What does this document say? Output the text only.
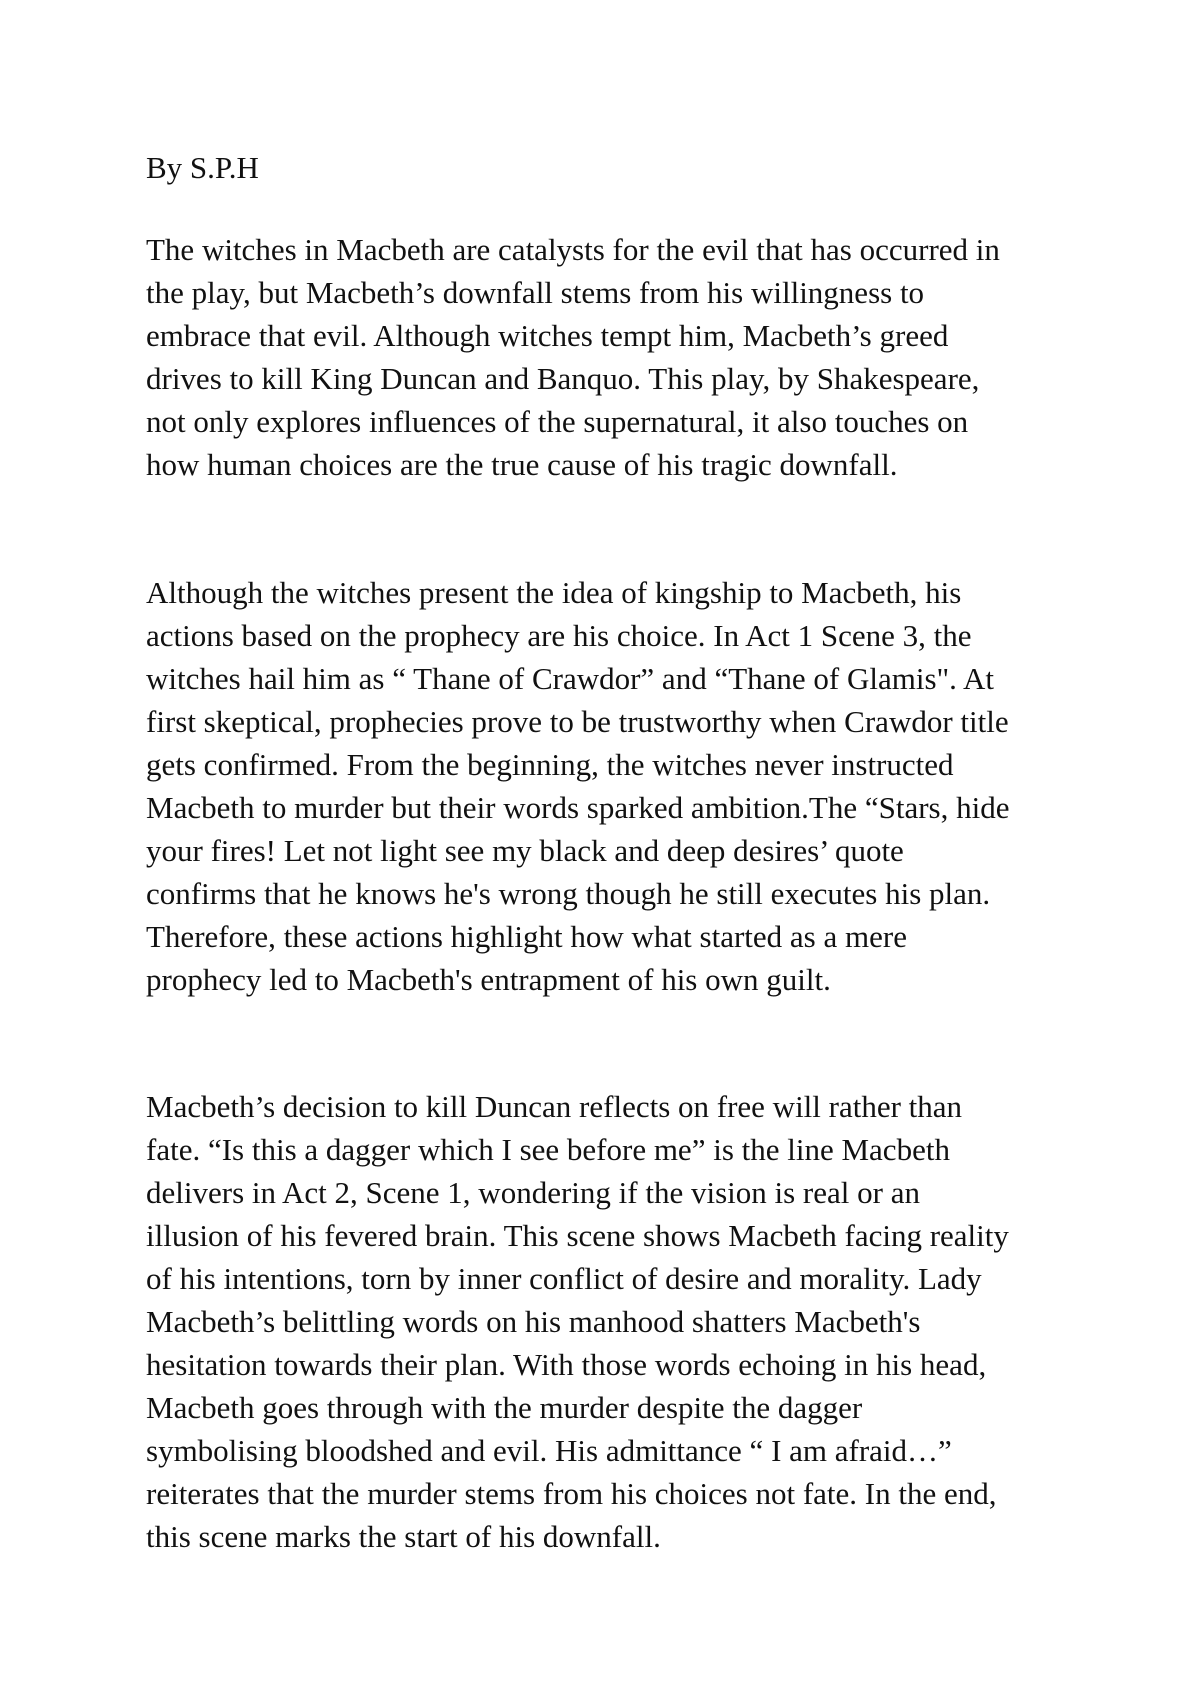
By S.P.H
The witches in Macbeth are catalysts for the evil that has occurred in
the play, but Macbeth’s downfall stems from his willingness to
embrace that evil. Although witches tempt him, Macbeth’s greed
drives to kill King Duncan and Banquo. This play, by Shakespeare,
not only explores influences of the supernatural, it also touches on
how human choices are the true cause of his tragic downfall.
Although the witches present the idea of kingship to Macbeth, his
actions based on the prophecy are his choice. In Act 1 Scene 3, the
witches hail him as “ Thane of Crawdor” and “Thane of Glamis". At
first skeptical, prophecies prove to be trustworthy when Crawdor title
gets confirmed. From the beginning, the witches never instructed
Macbeth to murder but their words sparked ambition.The “Stars, hide
your fires! Let not light see my black and deep desires’ quote
confirms that he knows he's wrong though he still executes his plan.
Therefore, these actions highlight how what started as a mere
prophecy led to Macbeth's entrapment of his own guilt.
Macbeth’s decision to kill Duncan reflects on free will rather than
fate. “Is this a dagger which I see before me” is the line Macbeth
delivers in Act 2, Scene 1, wondering if the vision is real or an
illusion of his fevered brain. This scene shows Macbeth facing reality
of his intentions, torn by inner conflict of desire and morality. Lady
Macbeth’s belittling words on his manhood shatters Macbeth's
hesitation towards their plan. With those words echoing in his head,
Macbeth goes through with the murder despite the dagger
symbolising bloodshed and evil. His admittance “ I am afraid…”
reiterates that the murder stems from his choices not fate. In the end,
this scene marks the start of his downfall.
